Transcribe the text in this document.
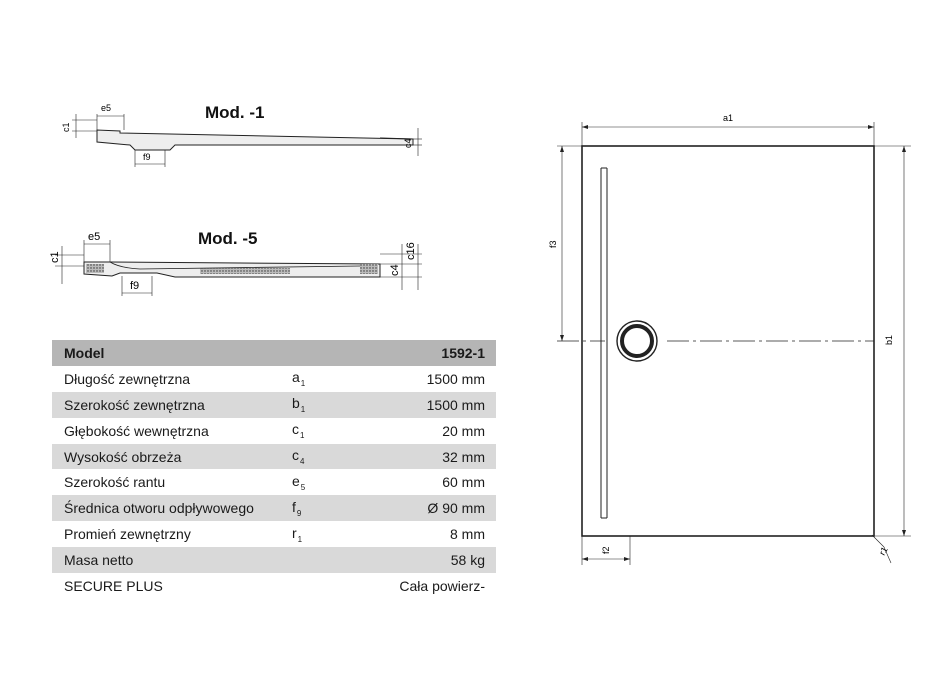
Mod. -1
e5
c1
f9
c4
Mod. -5
e5
c1
f9
c4
c16
a1
b1
f3
f2	r1
Model		1592-1
Długość zewnętrzna	$a_1$	1500 mm
Szerokość zewnętrzna	$b_1$	1500 mm
Głębokość wewnętrzna	$c_1$	20 mm
Wysokość obrzeża	$c_4$	32 mm
Szerokość rantu	$e_5$	60 mm
Średnica otworu odpływowego	$f_9$	Ø 90 mm
Promień zewnętrzny	$r_1$	8 mm
Masa netto		58 kg
SECURE PLUS		Cała powierz-
